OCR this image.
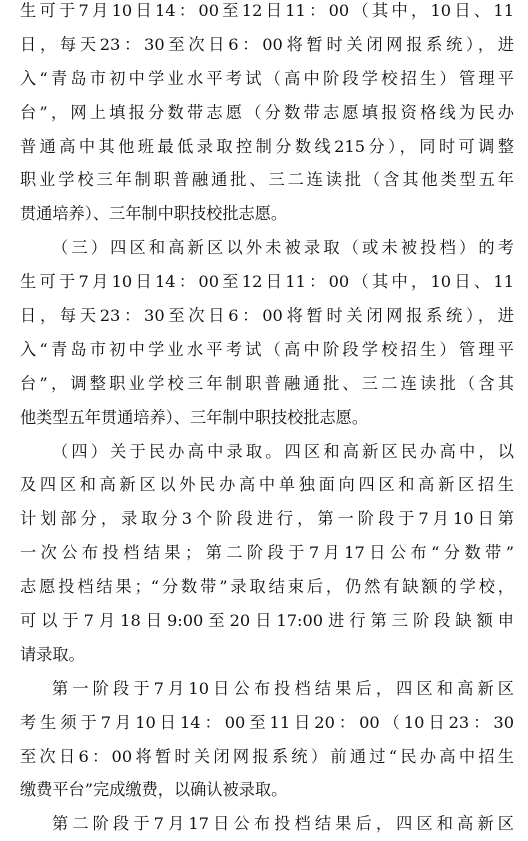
生可于7月10日14：00至12日11：00（其中，10日、11
日，每天23：30至次日6：00将暂时关闭网报系统），进
入“青岛市初中学业水平考试（高中阶段学校招生）管理平
台”，网上填报分数带志愿（分数带志愿填报资格线为民办
普通高中其他班最低录取控制分数线215分），同时可调整
职业学校三年制职普融通批、三二连读批（含其他类型五年
贯通培养）、三年制中职技校批志愿。
（三）四区和高新区以外未被录取（或未被投档）的考
生可于7月10日14：00至12日11：00（其中，10日、11
日，每天23：30至次日6：00将暂时关闭网报系统），进
入“青岛市初中学业水平考试（高中阶段学校招生）管理平
台”，调整职业学校三年制职普融通批、三二连读批（含其
他类型五年贯通培养）、三年制中职技校批志愿。
（四）关于民办高中录取。四区和高新区民办高中，以
及四区和高新区以外民办高中单独面向四区和高新区招生
计划部分，录取分3个阶段进行，第一阶段于7月10日第
一次公布投档结果；第二阶段于7月17日公布“分数带”
志愿投档结果；“分数带”录取结束后，仍然有缺额的学校，
可以于7月18日9:00至20日17:00进行第三阶段缺额申
请录取。
第一阶段于7月10日公布投档结果后，四区和高新区
考生须于7月10日14：00至11日20：00（10日23：30
至次日6：00将暂时关闭网报系统）前通过“民办高中招生
缴费平台”完成缴费，以确认被录取。
第二阶段于7月17日公布投档结果后，四区和高新区
